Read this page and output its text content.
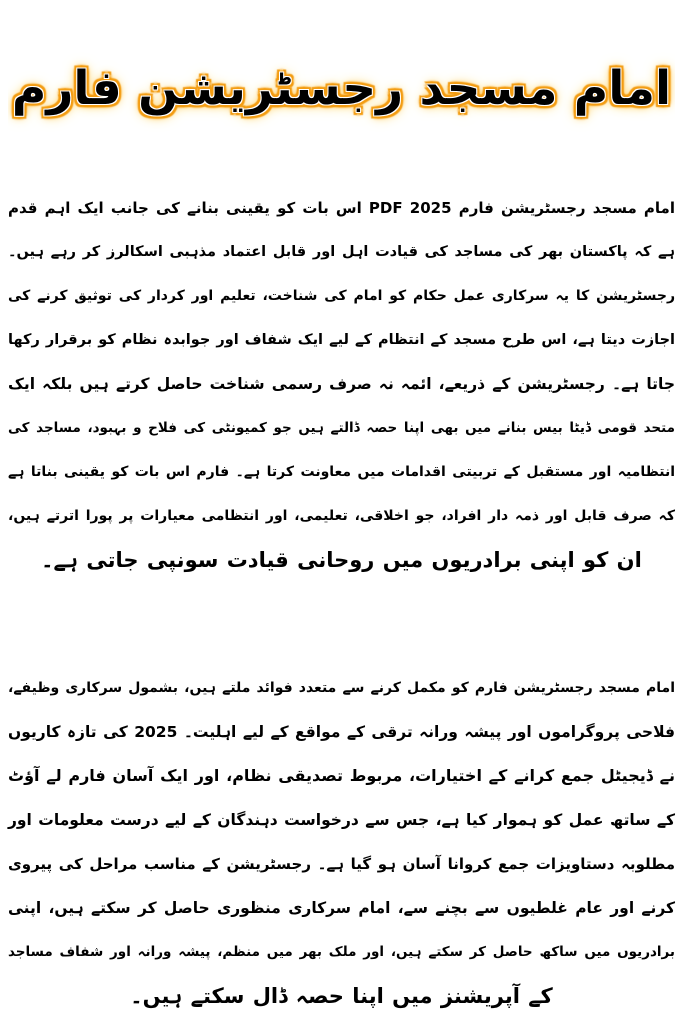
امام مسجد رجسٹریشن فارم

امام مسجد رجسٹریشن فارم PDF 2025 اس بات کو یقینی بنانے کی جانب ایک اہم قدم
ہے کہ پاکستان بھر کی مساجد کی قیادت اہل اور قابل اعتماد مذہبی اسکالرز کر رہے ہیں۔
رجسٹریشن کا یہ سرکاری عمل حکام کو امام کی شناخت، تعلیم اور کردار کی توثیق کرنے کی
اجازت دیتا ہے، اس طرح مسجد کے انتظام کے لیے ایک شفاف اور جوابدہ نظام کو برقرار رکھا
جاتا ہے۔ رجسٹریشن کے ذریعے، ائمہ نہ صرف رسمی شناخت حاصل کرتے ہیں بلکہ ایک
متحد قومی ڈیٹا بیس بنانے میں بھی اپنا حصہ ڈالتے ہیں جو کمیونٹی کی فلاح و بہبود، مساجد کی
انتظامیہ اور مستقبل کے تربیتی اقدامات میں معاونت کرتا ہے۔ فارم اس بات کو یقینی بناتا ہے
کہ صرف قابل اور ذمہ دار افراد، جو اخلاقی، تعلیمی، اور انتظامی معیارات پر پورا اترتے ہیں،
ان کو اپنی برادریوں میں روحانی قیادت سونپی جاتی ہے۔

امام مسجد رجسٹریشن فارم کو مکمل کرنے سے متعدد فوائد ملتے ہیں، بشمول سرکاری وظیفے،
فلاحی پروگراموں اور پیشہ ورانہ ترقی کے مواقع کے لیے اہلیت۔ 2025 کی تازہ کاریوں
نے ڈیجیٹل جمع کرانے کے اختیارات، مربوط تصدیقی نظام، اور ایک آسان فارم لے آؤٹ
کے ساتھ عمل کو ہموار کیا ہے، جس سے درخواست دہندگان کے لیے درست معلومات اور
مطلوبہ دستاویزات جمع کروانا آسان ہو گیا ہے۔ رجسٹریشن کے مناسب مراحل کی پیروی
کرنے اور عام غلطیوں سے بچنے سے، امام سرکاری منظوری حاصل کر سکتے ہیں، اپنی
برادریوں میں ساکھ حاصل کر سکتے ہیں، اور ملک بھر میں منظم، پیشہ ورانہ اور شفاف مساجد
کے آپریشنز میں اپنا حصہ ڈال سکتے ہیں۔
